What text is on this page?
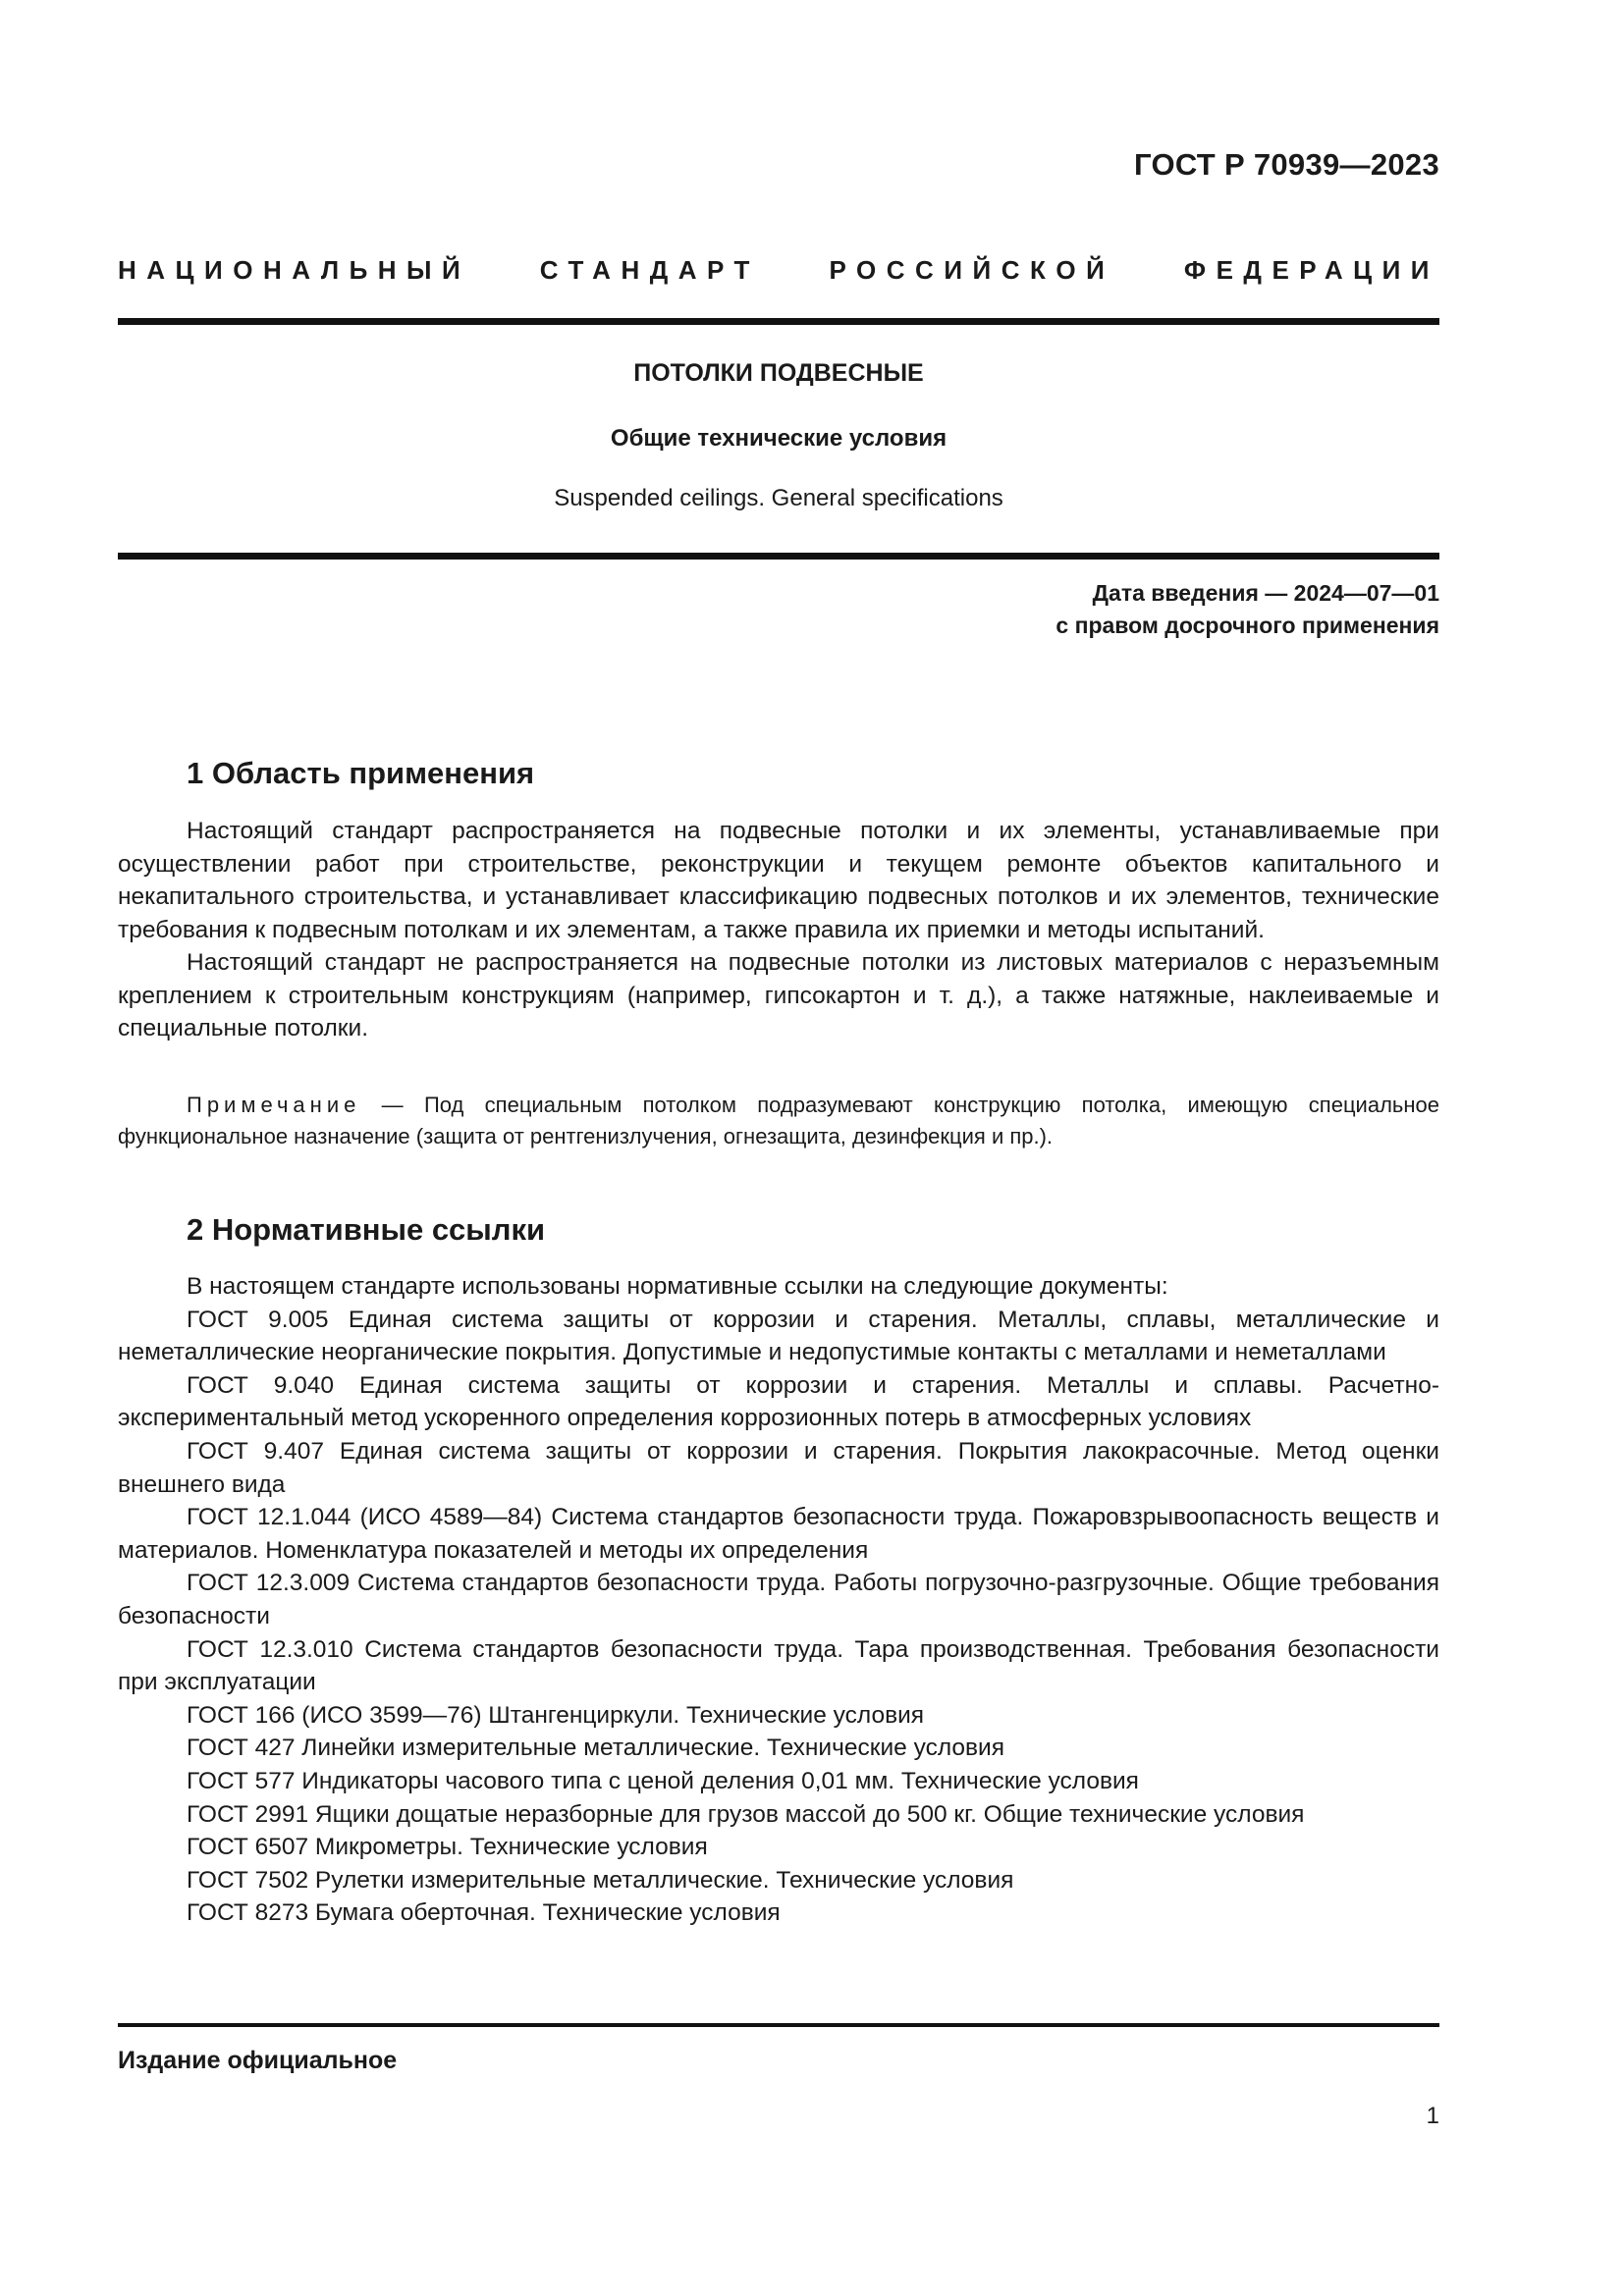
ГОСТ Р 70939—2023
НАЦИОНАЛЬНЫЙ СТАНДАРТ РОССИЙСКОЙ ФЕДЕРАЦИИ
ПОТОЛКИ ПОДВЕСНЫЕ
Общие технические условия
Suspended ceilings. General specifications
Дата введения — 2024—07—01
с правом досрочного применения
1 Область применения

Настоящий стандарт распространяется на подвесные потолки и их элементы, устанавливаемые при осуществлении работ при строительстве, реконструкции и текущем ремонте объектов капитального и некапитального строительства, и устанавливает классификацию подвесных потолков и их элементов, технические требования к подвесным потолкам и их элементам, а также правила их приемки и методы испытаний.

Настоящий стандарт не распространяется на подвесные потолки из листовых материалов с неразъемным креплением к строительным конструкциям (например, гипсокартон и т. д.), а также натяжные, наклеиваемые и специальные потолки.

Примечание — Под специальным потолком подразумевают конструкцию потолка, имеющую специальное функциональное назначение (защита от рентгенизлучения, огнезащита, дезинфекция и пр.).

2 Нормативные ссылки

В настоящем стандарте использованы нормативные ссылки на следующие документы:

ГОСТ 9.005 Единая система защиты от коррозии и старения. Металлы, сплавы, металлические и неметаллические неорганические покрытия. Допустимые и недопустимые контакты с металлами и неметаллами

ГОСТ 9.040 Единая система защиты от коррозии и старения. Металлы и сплавы. Расчетно-экспериментальный метод ускоренного определения коррозионных потерь в атмосферных условиях

ГОСТ 9.407 Единая система защиты от коррозии и старения. Покрытия лакокрасочные. Метод оценки внешнего вида

ГОСТ 12.1.044 (ИСО 4589—84) Система стандартов безопасности труда. Пожаровзрывоопасность веществ и материалов. Номенклатура показателей и методы их определения

ГОСТ 12.3.009 Система стандартов безопасности труда. Работы погрузочно-разгрузочные. Общие требования безопасности

ГОСТ 12.3.010 Система стандартов безопасности труда. Тара производственная. Требования безопасности при эксплуатации

ГОСТ 166 (ИСО 3599—76) Штангенциркули. Технические условия

ГОСТ 427 Линейки измерительные металлические. Технические условия

ГОСТ 577 Индикаторы часового типа с ценой деления 0,01 мм. Технические условия

ГОСТ 2991 Ящики дощатые неразборные для грузов массой до 500 кг. Общие технические условия

ГОСТ 6507 Микрометры. Технические условия

ГОСТ 7502 Рулетки измерительные металлические. Технические условия

ГОСТ 8273 Бумага оберточная. Технические условия

Издание официальное
1
